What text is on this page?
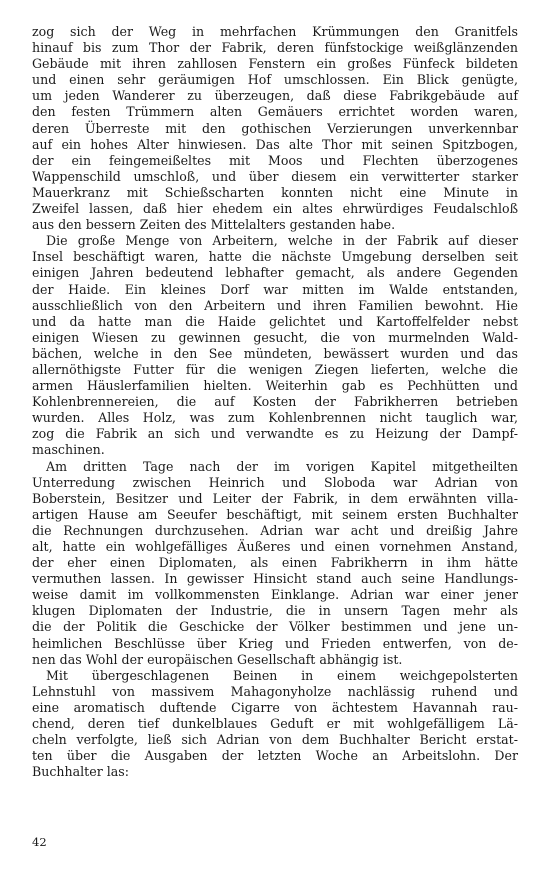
zog sich der Weg in mehrfachen Krümmungen den Granitfels
hinauf bis zum Thor der Fabrik, deren fünfstockige weißglänzenden
Gebäude mit ihren zahllosen Fenstern ein großes Fünfeck bildeten
und einen sehr geräumigen Hof umschlossen. Ein Blick genügte,
um jeden Wanderer zu überzeugen, daß diese Fabrikgebäude auf
den festen Trümmern alten Gemäuers errichtet worden waren,
deren Überreste mit den gothischen Verzierungen unverkennbar
auf ein hohes Alter hinwiesen. Das alte Thor mit seinen Spitzbogen,
der ein feingemeißeltes mit Moos und Flechten überzogenes
Wappenschild umschloß, und über diesem ein verwitterter starker
Mauerkranz mit Schießscharten konnten nicht eine Minute in
Zweifel lassen, daß hier ehedem ein altes ehrwürdiges Feudalschloß
aus den bessern Zeiten des Mittelalters gestanden habe.
Die große Menge von Arbeitern, welche in der Fabrik auf dieser
Insel beschäftigt waren, hatte die nächste Umgebung derselben seit
einigen Jahren bedeutend lebhafter gemacht, als andere Gegenden
der Haide. Ein kleines Dorf war mitten im Walde entstanden,
ausschließlich von den Arbeitern und ihren Familien bewohnt. Hie
und da hatte man die Haide gelichtet und Kartoffelfelder nebst
einigen Wiesen zu gewinnen gesucht, die von murmelnden Wald-
bächen, welche in den See mündeten, bewässert wurden und das
allernöthigste Futter für die wenigen Ziegen lieferten, welche die
armen Häuslerfamilien hielten. Weiterhin gab es Pechhütten und
Kohlenbrennereien, die auf Kosten der Fabrikherren betrieben
wurden. Alles Holz, was zum Kohlenbrennen nicht tauglich war,
zog die Fabrik an sich und verwandte es zu Heizung der Dampf-
maschinen.
Am dritten Tage nach der im vorigen Kapitel mitgetheilten
Unterredung zwischen Heinrich und Sloboda war Adrian von
Boberstein, Besitzer und Leiter der Fabrik, in dem erwähnten villa-
artigen Hause am Seeufer beschäftigt, mit seinem ersten Buchhalter
die Rechnungen durchzusehen. Adrian war acht und dreißig Jahre
alt, hatte ein wohlgefälliges Äußeres und einen vornehmen Anstand,
der eher einen Diplomaten, als einen Fabrikherrn in ihm hätte
vermuthen lassen. In gewisser Hinsicht stand auch seine Handlungs-
weise damit im vollkommensten Einklange. Adrian war einer jener
klugen Diplomaten der Industrie, die in unsern Tagen mehr als
die der Politik die Geschicke der Völker bestimmen und jene un-
heimlichen Beschlüsse über Krieg und Frieden entwerfen, von de-
nen das Wohl der europäischen Gesellschaft abhängig ist.
Mit übergeschlagenen Beinen in einem weichgepolsterten
Lehnstuhl von massivem Mahagonyholze nachlässig ruhend und
eine aromatisch duftende Cigarre von ächtestem Havannah rau-
chend, deren tief dunkelblaues Geduft er mit wohlgefälligem Lä-
cheln verfolgte, ließ sich Adrian von dem Buchhalter Bericht erstat-
ten über die Ausgaben der letzten Woche an Arbeitslohn. Der
Buchhalter las:
42
